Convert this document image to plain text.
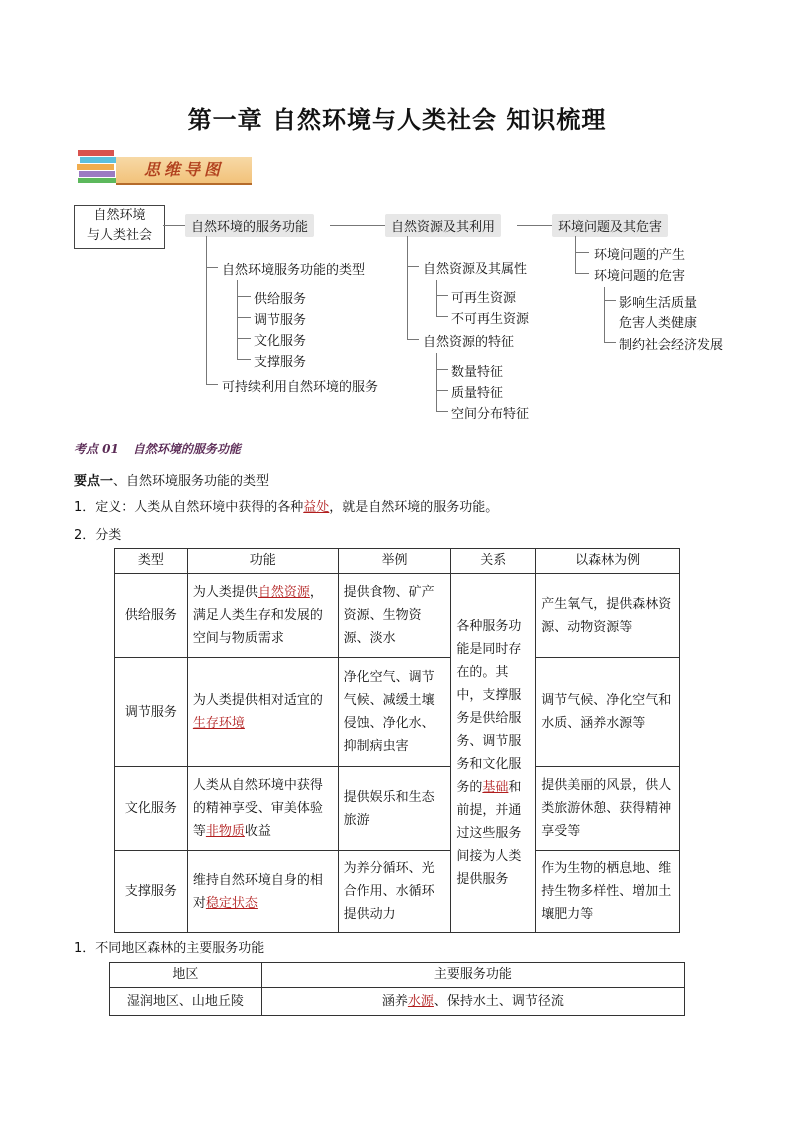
第一章 自然环境与人类社会 知识梳理
思维导图
自然环境
与人类社会
自然环境的服务功能	自然资源及其利用	环境问题及其危害
自然环境服务功能的类型
供给服务
调节服务
文化服务
支撑服务
可持续利用自然环境的服务
自然资源及其属性
可再生资源
不可再生资源
自然资源的特征
数量特征
质量特征
空间分布特征
环境问题的产生
环境问题的危害
影响生活质量
危害人类健康
制约社会经济发展
考点 01 自然环境的服务功能
要点一、自然环境服务功能的类型
1．定义：人类从自然环境中获得的各种益处，就是自然环境的服务功能。
2．分类
类型	功能	举例	关系	以森林为例
供给服务	为人类提供自然资源，满足人类生存和发展的空间与物质需求	提供食物、矿产资源、生物资源、淡水	各种服务功能是同时存在的。其中，支撑服务是供给服务、调节服务和文化服务的基础和前提，并通过这些服务间接为人类提供服务	产生氧气，提供森林资源、动物资源等
调节服务	为人类提供相对适宜的生存环境	净化空气、调节气候、减缓土壤侵蚀、净化水、抑制病虫害		调节气候、净化空气和水质、涵养水源等
文化服务	人类从自然环境中获得的精神享受、审美体验等非物质收益	提供娱乐和生态旅游		提供美丽的风景，供人类旅游休憩、获得精神享受等
支撑服务	维持自然环境自身的相对稳定状态	为养分循环、光合作用、水循环提供动力		作为生物的栖息地、维持生物多样性、增加土壤肥力等
1．不同地区森林的主要服务功能
地区	主要服务功能
湿润地区、山地丘陵	涵养水源、保持水土、调节径流
